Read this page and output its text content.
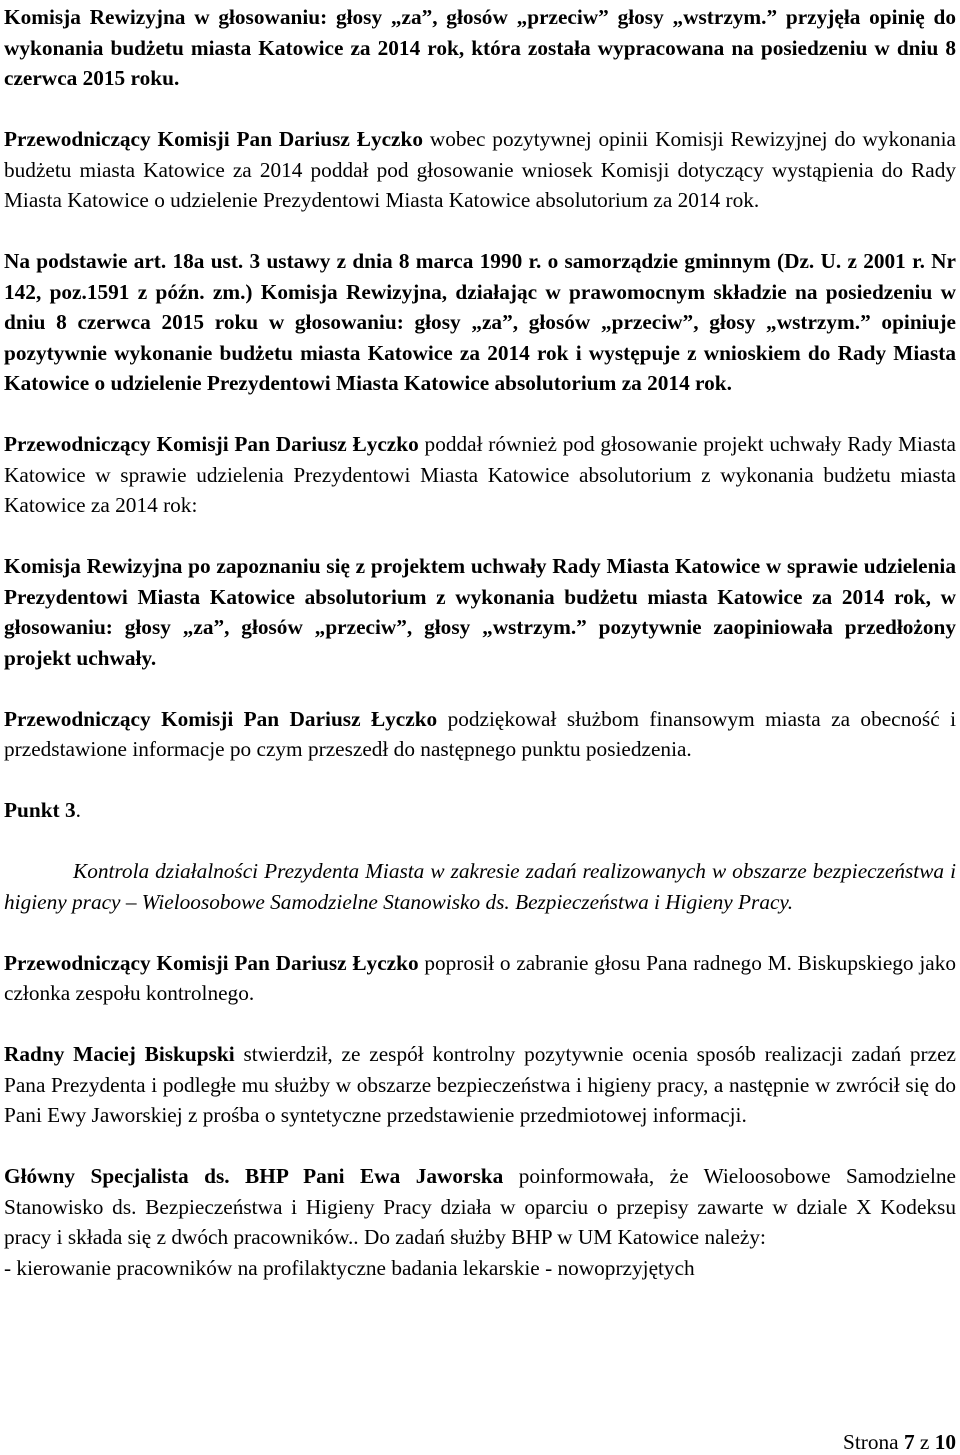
Komisja Rewizyjna w głosowaniu: głosy „za”, głosów „przeciw” głosy „wstrzym.” przyjęła opinię do wykonania budżetu miasta Katowice za 2014 rok, która została wypracowana na posiedzeniu w dniu 8 czerwca 2015 roku.

Przewodniczący Komisji Pan Dariusz Łyczko wobec pozytywnej opinii Komisji Rewizyjnej do wykonania budżetu miasta Katowice za 2014 poddał pod głosowanie wniosek Komisji dotyczący wystąpienia do Rady Miasta Katowice o udzielenie Prezydentowi Miasta Katowice absolutorium za 2014 rok.

Na podstawie art. 18a ust. 3 ustawy z dnia 8 marca 1990 r. o samorządzie gminnym (Dz. U. z 2001 r. Nr 142, poz.1591 z późn. zm.) Komisja Rewizyjna, działając w prawomocnym składzie na posiedzeniu w dniu 8 czerwca 2015 roku w głosowaniu: głosy „za”, głosów „przeciw”, głosy „wstrzym.” opiniuje pozytywnie wykonanie budżetu miasta Katowice za 2014 rok i występuje z wnioskiem do Rady Miasta Katowice o udzielenie Prezydentowi Miasta Katowice absolutorium za 2014 rok.

Przewodniczący Komisji Pan Dariusz Łyczko poddał również pod głosowanie projekt uchwały Rady Miasta Katowice w sprawie udzielenia Prezydentowi Miasta Katowice absolutorium z wykonania budżetu miasta Katowice za 2014 rok:

Komisja Rewizyjna po zapoznaniu się z projektem uchwały Rady Miasta Katowice w sprawie udzielenia Prezydentowi Miasta Katowice absolutorium z wykonania budżetu miasta Katowice za 2014 rok, w głosowaniu: głosy „za”, głosów „przeciw”, głosy „wstrzym.” pozytywnie zaopiniowała przedłożony projekt uchwały.

Przewodniczący Komisji Pan Dariusz Łyczko podziękował służbom finansowym miasta za obecność i przedstawione informacje po czym przeszedł do następnego punktu posiedzenia.

Punkt 3.

Kontrola działalności Prezydenta Miasta w zakresie zadań realizowanych w obszarze bezpieczeństwa i higieny pracy – Wieloosobowe Samodzielne Stanowisko ds. Bezpieczeństwa i Higieny Pracy.

Przewodniczący Komisji Pan Dariusz Łyczko poprosił o zabranie głosu Pana radnego M. Biskupskiego jako członka zespołu kontrolnego.

Radny Maciej Biskupski stwierdził, ze zespół kontrolny pozytywnie ocenia sposób realizacji zadań przez Pana Prezydenta i podległe mu służby w obszarze bezpieczeństwa i higieny pracy, a następnie w zwrócił się do Pani Ewy Jaworskiej z prośba o syntetyczne przedstawienie przedmiotowej informacji.

Główny Specjalista ds. BHP Pani Ewa Jaworska poinformowała, że Wieloosobowe Samodzielne Stanowisko ds. Bezpieczeństwa i Higieny Pracy działa w oparciu o przepisy zawarte w dziale X Kodeksu pracy i składa się z dwóch pracowników.. Do zadań służby BHP w UM Katowice należy:

- kierowanie pracowników na profilaktyczne badania lekarskie - nowoprzyjętych

Strona 7 z 10
